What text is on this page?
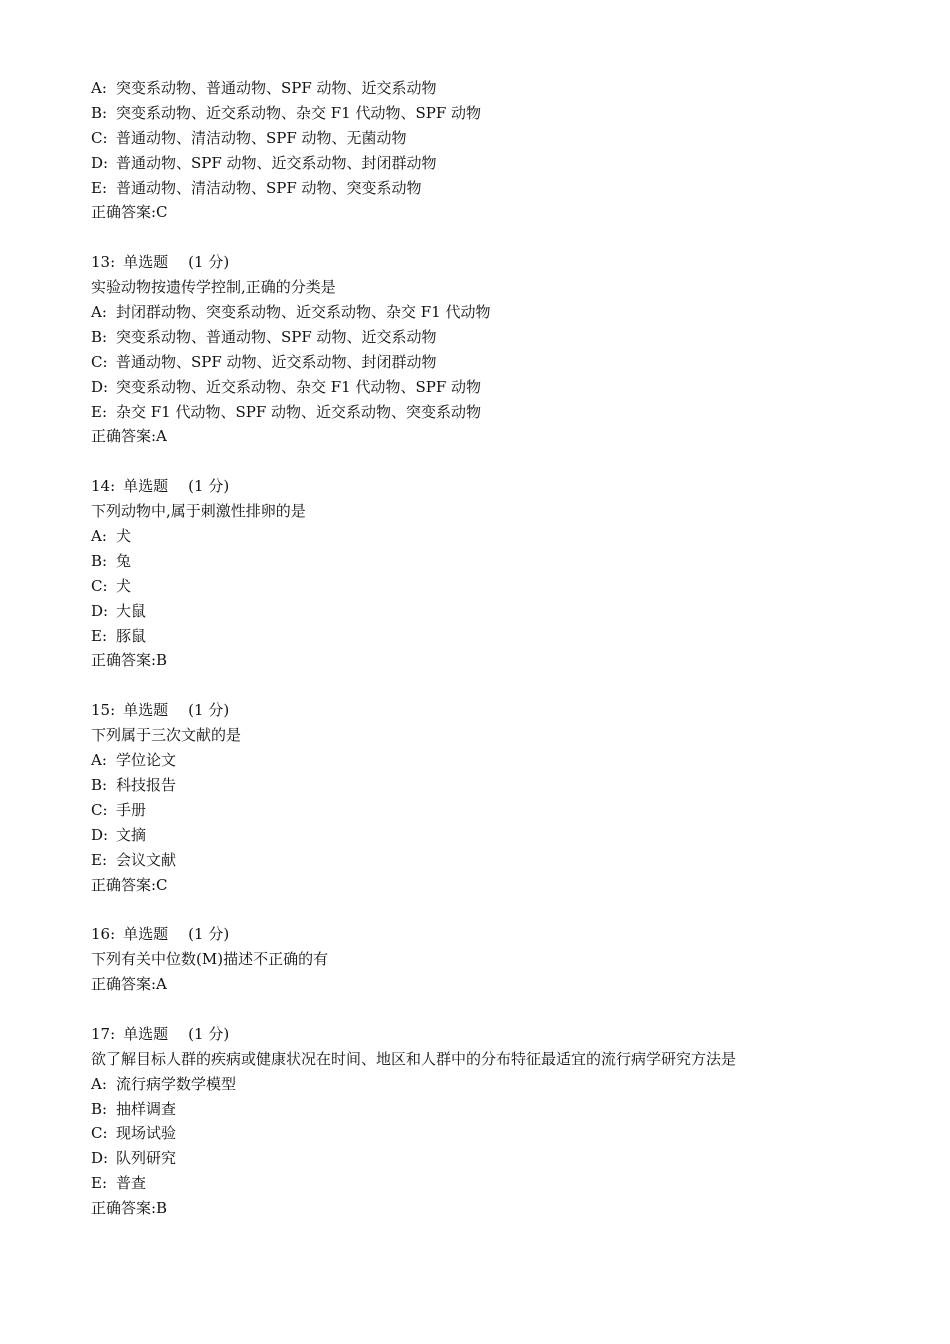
A: 突变系动物、普通动物、SPF 动物、近交系动物
B: 突变系动物、近交系动物、杂交 F1 代动物、SPF 动物
C: 普通动物、清洁动物、SPF 动物、无菌动物
D: 普通动物、SPF 动物、近交系动物、封闭群动物
E: 普通动物、清洁动物、SPF 动物、突变系动物
正确答案:C
13: 单选题 (1 分)
实验动物按遗传学控制,正确的分类是
A: 封闭群动物、突变系动物、近交系动物、杂交 F1 代动物
B: 突变系动物、普通动物、SPF 动物、近交系动物
C: 普通动物、SPF 动物、近交系动物、封闭群动物
D: 突变系动物、近交系动物、杂交 F1 代动物、SPF 动物
E: 杂交 F1 代动物、SPF 动物、近交系动物、突变系动物
正确答案:A
14: 单选题 (1 分)
下列动物中,属于刺激性排卵的是
A: 犬
B: 兔
C: 犬
D: 大鼠
E: 豚鼠
正确答案:B
15: 单选题 (1 分)
下列属于三次文献的是
A: 学位论文
B: 科技报告
C: 手册
D: 文摘
E: 会议文献
正确答案:C
16: 单选题 (1 分)
下列有关中位数(M)描述不正确的有
正确答案:A
17: 单选题 (1 分)
欲了解目标人群的疾病或健康状况在时间、地区和人群中的分布特征最适宜的流行病学研究方法是
A: 流行病学数学模型
B: 抽样调查
C: 现场试验
D: 队列研究
E: 普查
正确答案:B
